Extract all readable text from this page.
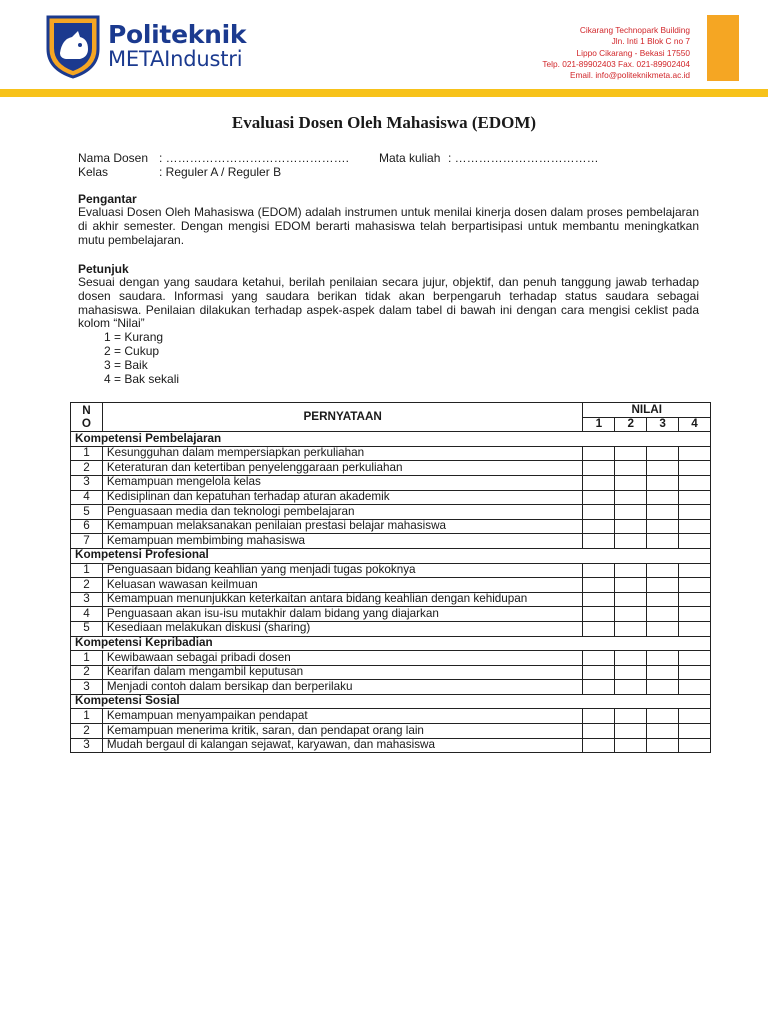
Politeknik
METAIndustri
Cikarang Technopark Building
Jln. Inti 1 Blok C no 7
Lippo Cikarang - Bekasi 17550
Telp. 021-89902403 Fax. 021-89902404
Email. info@politeknikmeta.ac.id
Evaluasi Dosen Oleh Mahasiswa (EDOM)
Nama Dosen : ………………………………………. Mata kuliah : ………………………………
Kelas	: Reguler A / Reguler B
Pengantar

Evaluasi Dosen Oleh Mahasiswa (EDOM) adalah instrumen untuk menilai kinerja dosen dalam proses pembelajaran di akhir semester. Dengan mengisi EDOM berarti mahasiswa telah berpartisipasi untuk membantu meningkatkan mutu pembelajaran.

Petunjuk

Sesuai dengan yang saudara ketahui, berilah penilaian secara jujur, objektif, dan penuh tanggung jawab terhadap dosen saudara. Informasi yang saudara berikan tidak akan berpengaruh terhadap status saudara sebagai mahasiswa. Penilaian dilakukan terhadap aspek-aspek dalam tabel di bawah ini dengan cara mengisi ceklist pada kolom “Nilai”

1 = Kurang
2 = Cukup
3 = Baik
4 = Bak sekali
N
O	PERNYATAAN	NILAI			
		1	2	3	4
Kompetensi Pembelajaran					
1	Kesungguhan dalam mempersiapkan perkuliahan				
2	Keteraturan dan ketertiban penyelenggaraan perkuliahan				
3	Kemampuan mengelola kelas				
4	Kedisiplinan dan kepatuhan terhadap aturan akademik				
5	Penguasaan media dan teknologi pembelajaran				
6	Kemampuan melaksanakan penilaian prestasi belajar mahasiswa				
7	Kemampuan membimbing mahasiswa				
Kompetensi Profesional					
1	Penguasaan bidang keahlian yang menjadi tugas pokoknya				
2	Keluasan wawasan keilmuan				
3	Kemampuan menunjukkan keterkaitan antara bidang keahlian dengan kehidupan				
4	Penguasaan akan isu-isu mutakhir dalam bidang yang diajarkan				
5	Kesediaan melakukan diskusi (sharing)				
Kompetensi Kepribadian					
1	Kewibawaan sebagai pribadi dosen				
2	Kearifan dalam mengambil keputusan				
3	Menjadi contoh dalam bersikap dan berperilaku				
Kompetensi Sosial					
1	Kemampuan menyampaikan pendapat				
2	Kemampuan menerima kritik, saran, dan pendapat orang lain				
3	Mudah bergaul di kalangan sejawat, karyawan, dan mahasiswa				
